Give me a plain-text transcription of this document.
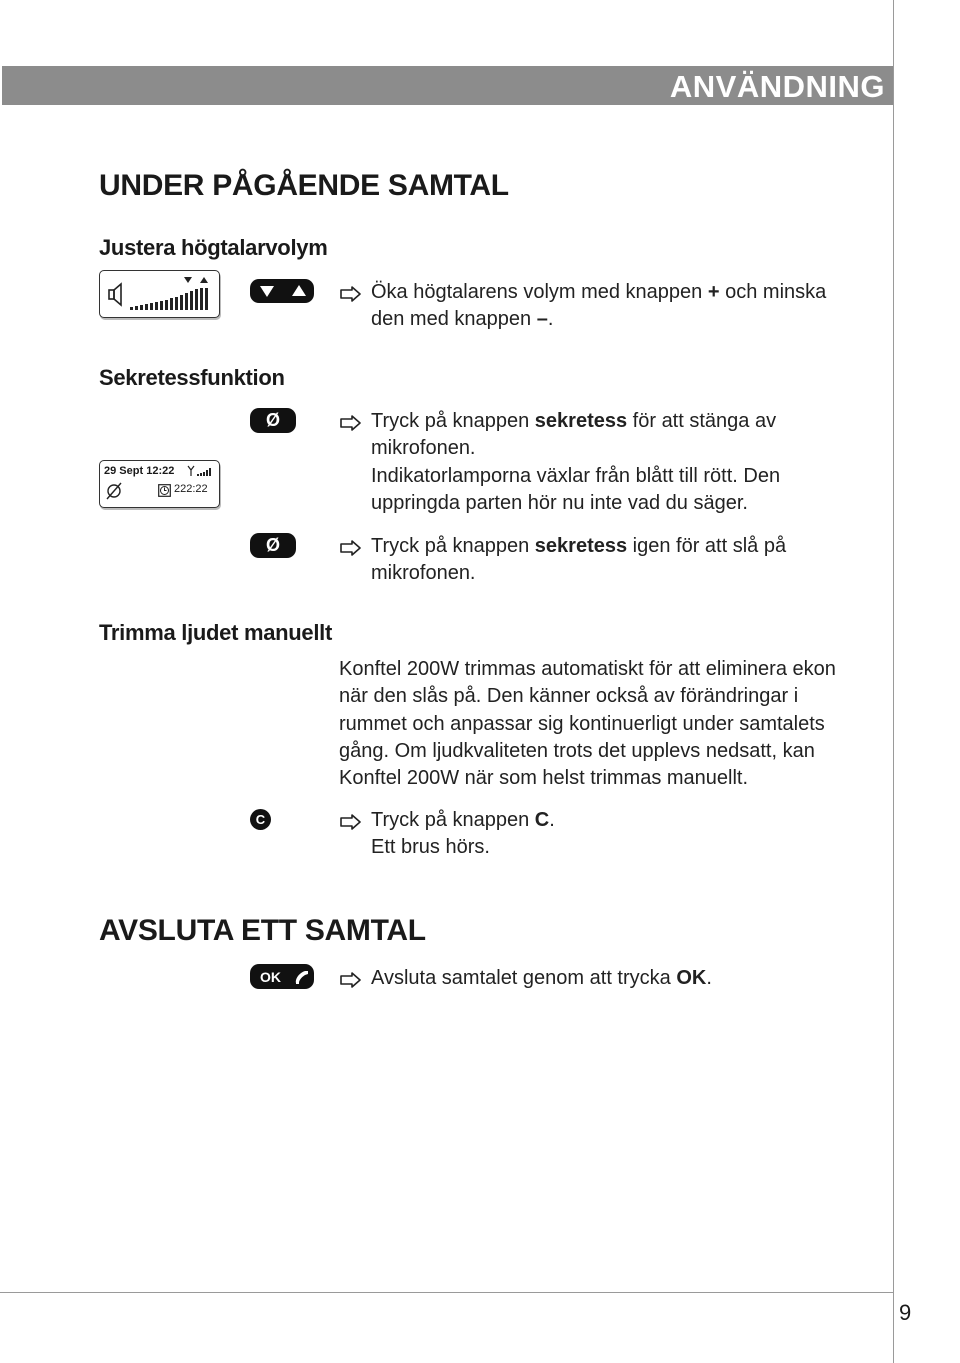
ANVÄNDNING
UNDER PÅGÅENDE SAMTAL
Justera högtalarvolym
Öka högtalarens volym med knappen + och minska den med knappen –.
Sekretessfunktion
Ø	Tryck på knappen sekretess för att stänga av mikrofonen.
Indikatorlamporna växlar från blått till rött. Den uppringda parten hör nu inte vad du säger.
29 Sept 12:22
222:22
Ø	Tryck på knappen sekretess igen för att slå på mikrofonen.
Trimma ljudet manuellt
Konftel 200W trimmas automatiskt för att eliminera ekon när den slås på. Den känner också av förändringar i rummet och anpassar sig kontinuerligt under samtalets gång. Om ljudkvaliteten trots det upplevs nedsatt, kan Konftel 200W när som helst trimmas manuellt.
C	Tryck på knappen C.
Ett brus hörs.
AVSLUTA ETT SAMTAL
OK	Avsluta samtalet genom att trycka OK.
9
